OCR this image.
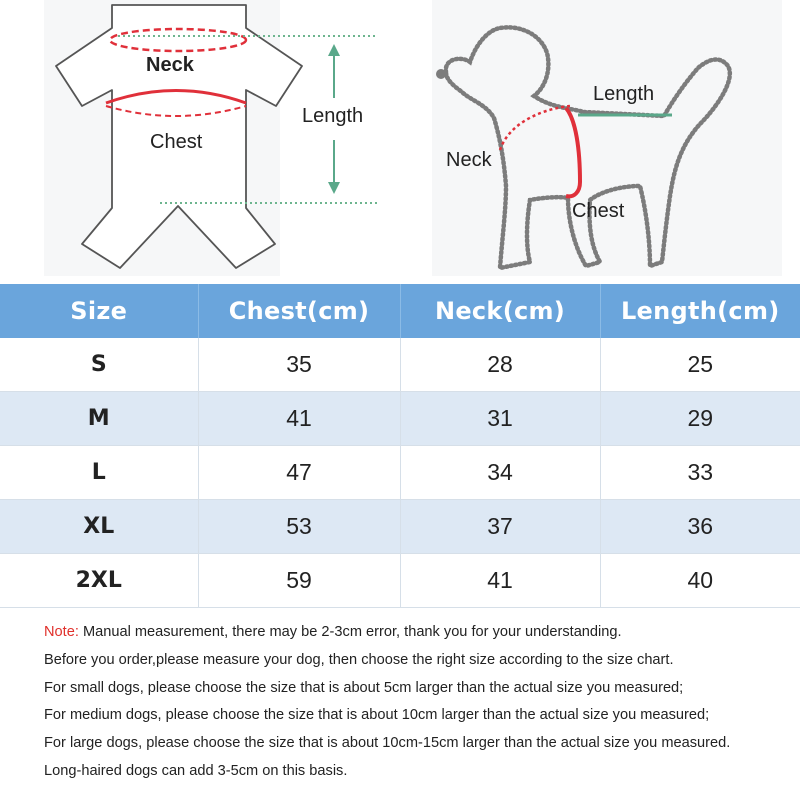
Neck
Chest
Length
Length
Neck
Chest
Size	Chest(cm)	Neck(cm)	Length(cm)
S	35	28	25
M	41	31	29
L	47	34	33
XL	53	37	36
2XL	59	41	40

Note: Manual measurement, there may be 2-3cm error, thank you for your understanding.

Before you order,please measure your dog, then choose the right size according to the size chart.

For small dogs, please choose the size that is about 5cm larger than the actual size you measured;

For medium dogs, please choose the size that is about 10cm larger than the actual size you measured;

For large dogs, please choose the size that is about 10cm-15cm larger than the actual size you measured.

Long-haired dogs can add 3-5cm on this basis.
